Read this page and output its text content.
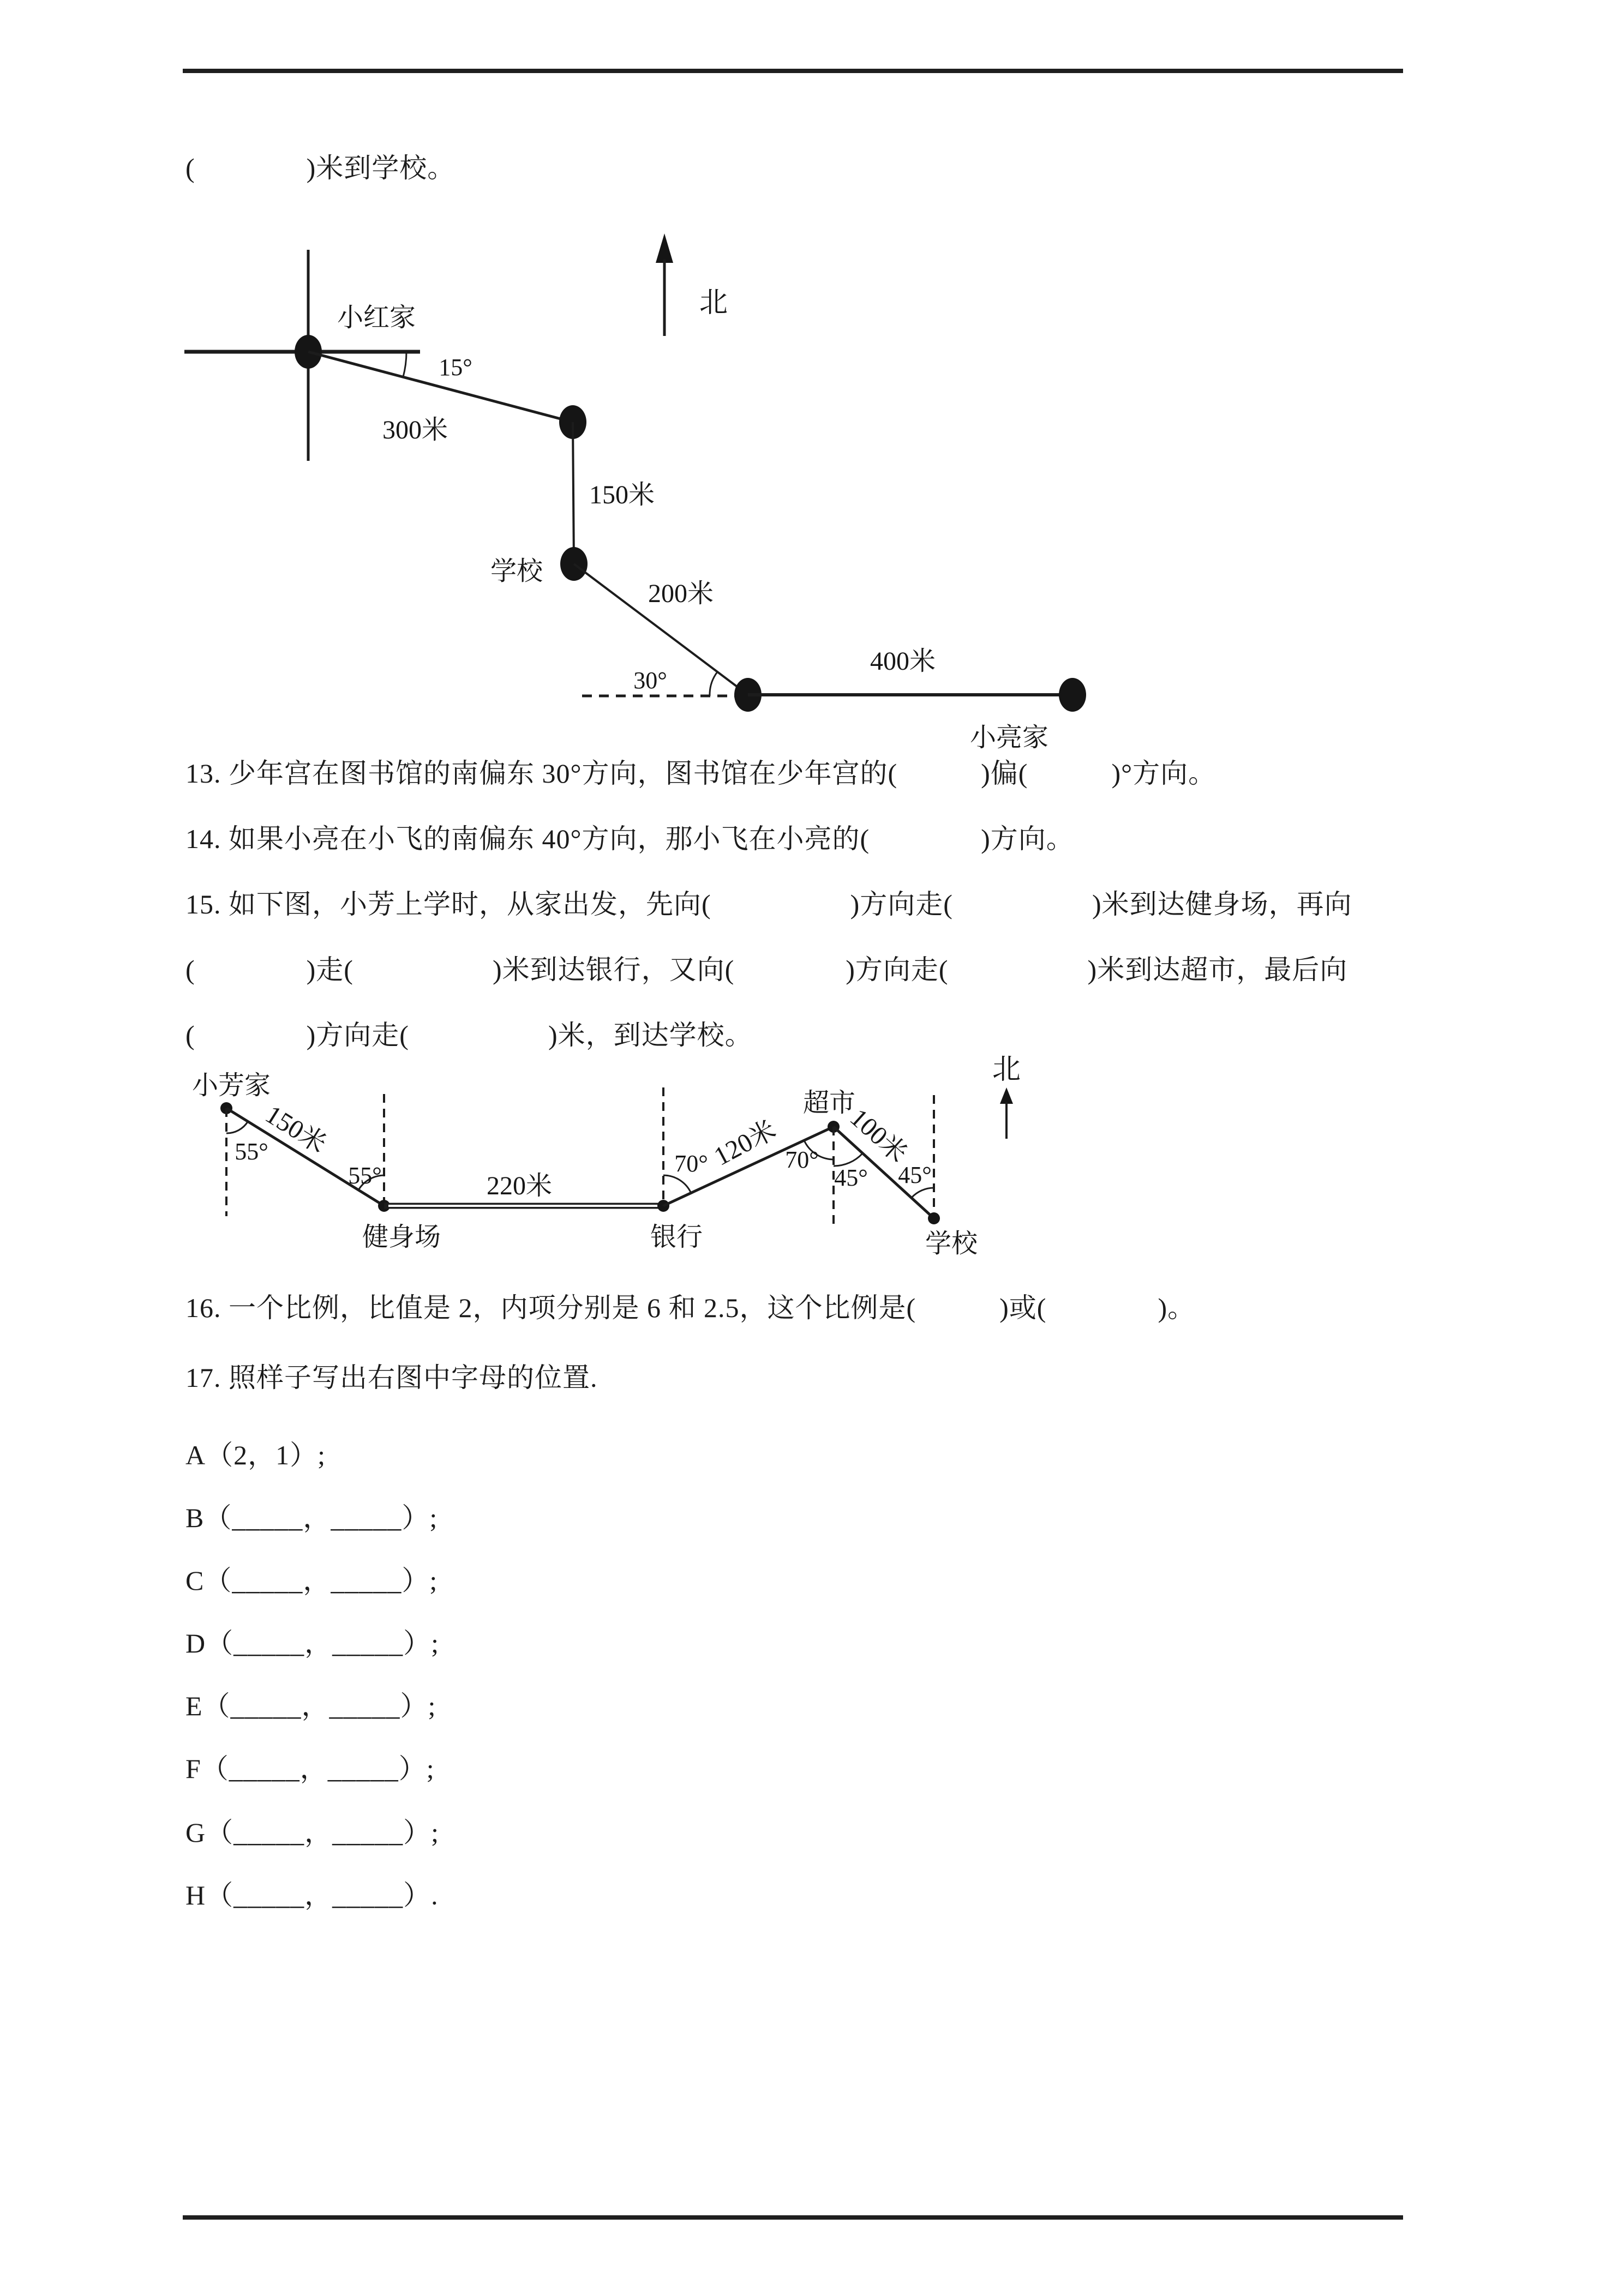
(　　　　)米到学校。
北
小红家
15°
300米
150米
学校
200米
30°
400米
小亮家
13. 少年宫在图书馆的南偏东 30°方向，图书馆在少年宫的(　　　)偏(　　　)°方向。
14. 如果小亮在小飞的南偏东 40°方向，那小飞在小亮的(　　　　)方向。
15. 如下图，小芳上学时，从家出发，先向(　　　　　)方向走(　　　　　)米到达健身场，再向
(　　　　)走(　　　　　)米到达银行，又向(　　　　)方向走(　　　　　)米到达超市，最后向
(　　　　)方向走(　　　　　)米，到达学校。
小芳家
55°
150米
55°
健身场
220米
70°
银行
120米
超市
70°
45°
100米
45°
学校
北
16. 一个比例，比值是 2，内项分别是 6 和 2.5，这个比例是(　　　)或(　　　　)。
17. 照样子写出右图中字母的位置.
A（2，1）;
B（_____，_____）;
C（_____，_____）;
D（_____，_____）;
E（_____，_____）;
F（_____，_____）;
G（_____，_____）;
H（_____，_____）.
